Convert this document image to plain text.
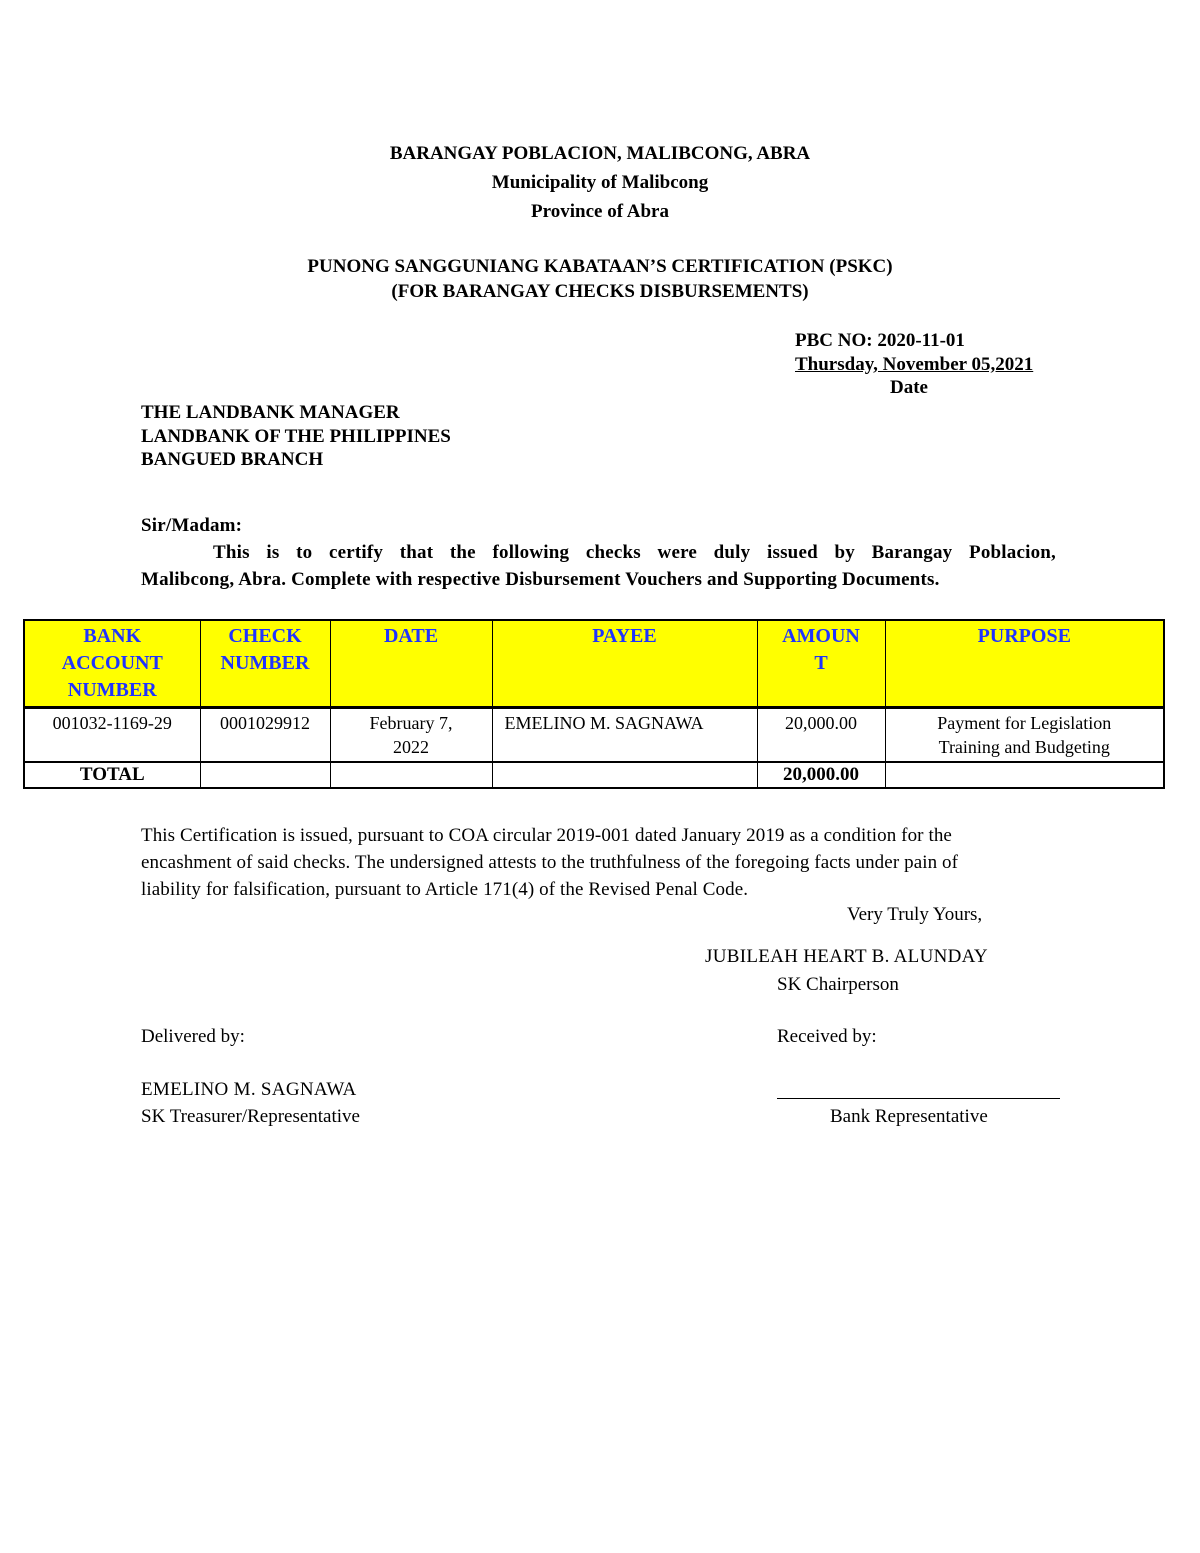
BARANGAY POBLACION, MALIBCONG, ABRA
Municipality of Malibcong
Province of Abra
PUNONG SANGGUNIANG KABATAAN’S CERTIFICATION (PSKC)
(FOR BARANGAY CHECKS DISBURSEMENTS)
PBC NO: 2020-11-01
Thursday, November 05,2021
Date
THE LANDBANK MANAGER
LANDBANK OF THE PHILIPPINES
BANGUED BRANCH
Sir/Madam:
This is to certify that the following checks were duly issued by Barangay Poblacion,
Malibcong, Abra. Complete with respective Disbursement Vouchers and Supporting Documents.
BANK ACCOUNT NUMBER	CHECK NUMBER	DATE	PAYEE	AMOUN T	PURPOSE
001032-1169-29	0001029912	February 7, 2022	EMELINO M. SAGNAWA	20,000.00	Payment for Legislation Training and Budgeting
TOTAL				20,000.00	
This Certification is issued, pursuant to COA circular 2019-001 dated January 2019 as a condition for the
encashment of said checks. The undersigned attests to the truthfulness of the foregoing facts under pain of
liability for falsification, pursuant to Article 171(4) of the Revised Penal Code.
Very Truly Yours,
JUBILEAH HEART B. ALUNDAY
SK Chairperson
Delivered by:	Received by:
EMELINO M. SAGNAWA
SK Treasurer/Representative	Bank Representative
